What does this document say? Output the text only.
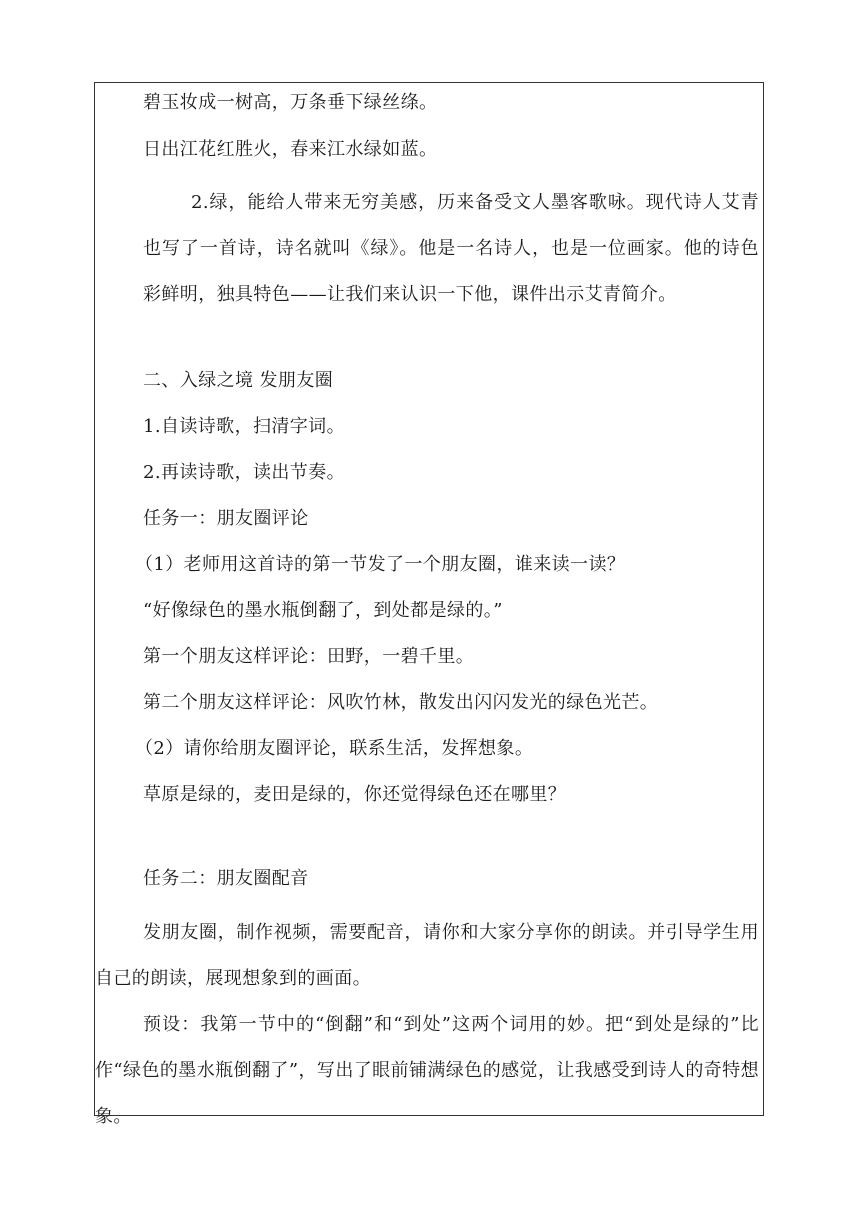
碧玉妆成一树高，万条垂下绿丝绦。

日出江花红胜火，春来江水绿如蓝。

2.绿，能给人带来无穷美感，历来备受文人墨客歌咏。现代诗人艾青也写了一首诗，诗名就叫《绿》。他是一名诗人，也是一位画家。他的诗色彩鲜明，独具特色——让我们来认识一下他，课件出示艾青简介。

二、入绿之境 发朋友圈

1.自读诗歌，扫清字词。

2.再读诗歌，读出节奏。

任务一：朋友圈评论

（1）老师用这首诗的第一节发了一个朋友圈，谁来读一读？

“好像绿色的墨水瓶倒翻了，到处都是绿的。”

第一个朋友这样评论：田野，一碧千里。

第二个朋友这样评论：风吹竹林，散发出闪闪发光的绿色光芒。

（2）请你给朋友圈评论，联系生活，发挥想象。

草原是绿的，麦田是绿的，你还觉得绿色还在哪里？

任务二：朋友圈配音

发朋友圈，制作视频，需要配音，请你和大家分享你的朗读。并引导学生用自己的朗读，展现想象到的画面。

预设：我第一节中的“倒翻”和“到处”这两个词用的妙。把“到处是绿的”比作“绿色的墨水瓶倒翻了”，写出了眼前铺满绿色的感觉，让我感受到诗人的奇特想象。
